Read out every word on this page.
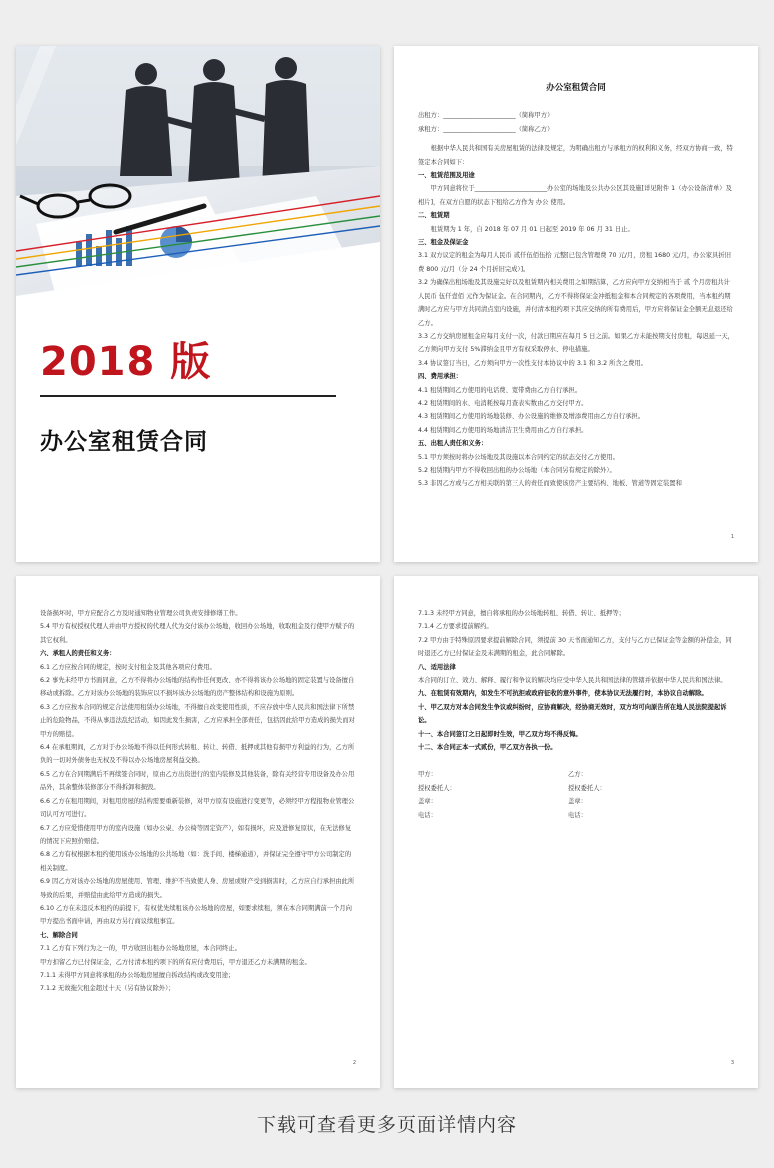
2018 版
办公室租赁合同
办公室租赁合同
出租方：_______________________（简称甲方）
承租方：_______________________（简称乙方）
　　根据中华人民共和国有关房屋租赁的法律及规定，为明确出租方与承租方的权利和义务，经双方协商一致，特签定本合同如下：
一、租赁范围及用途
　　甲方同意将位于_______________________办公室的场地及公共办公区其设施[详见附件 1（办公设备清单）及相片]，在双方自愿的状态下租给乙方作为 办公 使用。
二、租赁期
　　租赁期为 1 年，自 2018 年 07 月 01 日起至 2019 年 06 月 31 日止。
三、租金及保证金
3.1 双方议定的租金为每月人民币 贰仟伍佰伍拾 元整[已包含管理费 70 元/月，房租 1680 元/月，办公家具折旧费 800 元/月（分 24 个月折旧完成）]。
3.2 为确保出租场地及其设施完好以及租赁期内相关费用之如期结算，乙方应向甲方交纳相当于 贰 个月房租共计人民币 伍仟壹佰 元作为保证金。在合同期内，乙方不得将保证金冲抵租金和本合同规定的各项费用，当本租约期满时乙方应与甲方共同清点室内设施，并付清本租约项下其应交纳的所有费用后，甲方应将保证金全额无息退还给乙方。
3.3 乙方交纳房屋租金应每月支付一次，付款日期应在每月 5 日之前。如果乙方未能按期支付房租，每迟延一天，乙方须向甲方支付 5%滞纳金且甲方有权采取停水、停电措施。
3.4 协议签订当日，乙方须向甲方一次性支付本协议中的 3.1 和 3.2 所含之费用。
四、费用承担：
4.1 租赁期间乙方使用的电话费、宽带费由乙方自行承担。
4.2 租赁期间的水、电消耗按每月查表实数由乙方交付甲方。
4.3 租赁期间乙方使用的场地装修、办公设施的维修及增添费用由乙方自行承担。
4.4 租赁期间乙方使用的场地清洁卫生费用由乙方自行承担。
五、出租人责任和义务：
5.1 甲方须按时将办公场地及其设施以本合同约定的状态交付乙方使用。
5.2 租赁期内甲方不得收回出租的办公场地（本合同另有规定的除外）。
5.3 非因乙方或与乙方相关联的第三人的责任而致使该房产主要结构、地板、管道等固定装置和
1
设备损坏时，甲方应配合乙方及时通知物业管理公司负责安排修缮工作。
5.4 甲方有权授权代理人并由甲方授权的代理人代为交付该办公场地，收回办公场地，收取租金及行使甲方赋予的其它权利。
六、承租人的责任和义务：
6.1 乙方应按合同的规定，按时支付租金及其他各项应付费用。
6.2 事先未经甲方书面同意，乙方不得将办公场地的结构作任何更改、亦不得将该办公场地的固定装置与设备擅自移动或拆除。乙方对该办公场地的装饰应以不损坏该办公场地的房产整体结构和设施为原则。
6.3 乙方应按本合同的规定合法使用租赁办公场地，不得擅自改变使用性质，不应存放中华人民共和国法律下所禁止的危险物品，不得从事违法乱纪活动，如因此发生损害，乙方应承担全部责任，包括因此给甲方造成的损失而对甲方的赔偿。
6.4 在承租期间，乙方对于办公场地不得以任何形式转租、转让、转借、抵押或其他有损甲方利益的行为，乙方所负的一切对外债务也无权及不得以办公场地房屋利益交换。
6.5 乙方在合同期满后不再续签合同时，原由乙方出资进行的室内装修及其他装备，除有关经营专用设备及办公用品外，其余整体装修部分不得拆卸和损毁。
6.6 乙方在租用期间，对租用房屋的结构需要重新装修，对甲方原有设施进行变更等，必须经甲方程报物业管理公司认可方可进行。
6.7 乙方应爱惜使用甲方的室内设施（如办公桌、办公椅等固定资产），如有损坏，应及进修复原状，在无法修复的情况下应照价赔偿。
6.8 乙方有权根据本租约使用该办公场地的公共场地（如：洗手间、楼梯通道），并保证完全遵守甲方公司制定的相关制度。
6.9 因乙方对该办公场地的房屋使用、管理、维护不当致使人身、房屋或财产受到损害时，乙方应自行承担由此所导致的后果，并赔偿由此给甲方造成的损失。
6.10 乙方在未违反本租约的前提下，有权优先续租该办公场地的房屋，如要求续租，须在本合同期满前一个月向甲方提出书面申请，再由双方另行商议续租事宜。
七、解除合同
7.1 乙方有下列行为之一的，甲方收回出租办公场地房屋，本合同终止。
甲方扣留乙方已付保证金，乙方付清本租约项下的所有应付费用后，甲方退还乙方未满期的租金。
7.1.1 未得甲方同意将承租的办公场地房屋擅自拆改结构或改变用途；
7.1.2 无故拖欠租金超过十天（另有协议除外）；
2
7.1.3 未经甲方同意，擅自将承租的办公场地转租、转借、转让、抵押等；
7.1.4 乙方要求提前解约。
7.2 甲方由于特殊原因要求提前解除合同，须提前 30 天书面通知乙方，支付与乙方已保证金等金额的补偿金，同时退还乙方已付保证金及未满期的租金，此合同解除。
八、适用法律
本合同的订立、效力、解释、履行和争议的解决均应受中华人民共和国法律的管辖并依据中华人民共和国法律。
九、在租赁有效期内，如发生不可抗拒或政府征收的意外事件，使本协议无法履行时，本协议自动解除。
十、甲乙双方对本合同发生争议或纠纷时，应协商解决，经协商无效时，双方均可向原告所在地人民法院提起诉讼。
十一、本合同签订之日起即时生效，甲乙双方均不得反悔。
十二、本合同正本一式贰份，甲乙双方各执一份。
甲方：	乙方：
授权委托人：	授权委托人：
盖章：	盖章：
电话：	电话：
3
下载可查看更多页面详情内容
